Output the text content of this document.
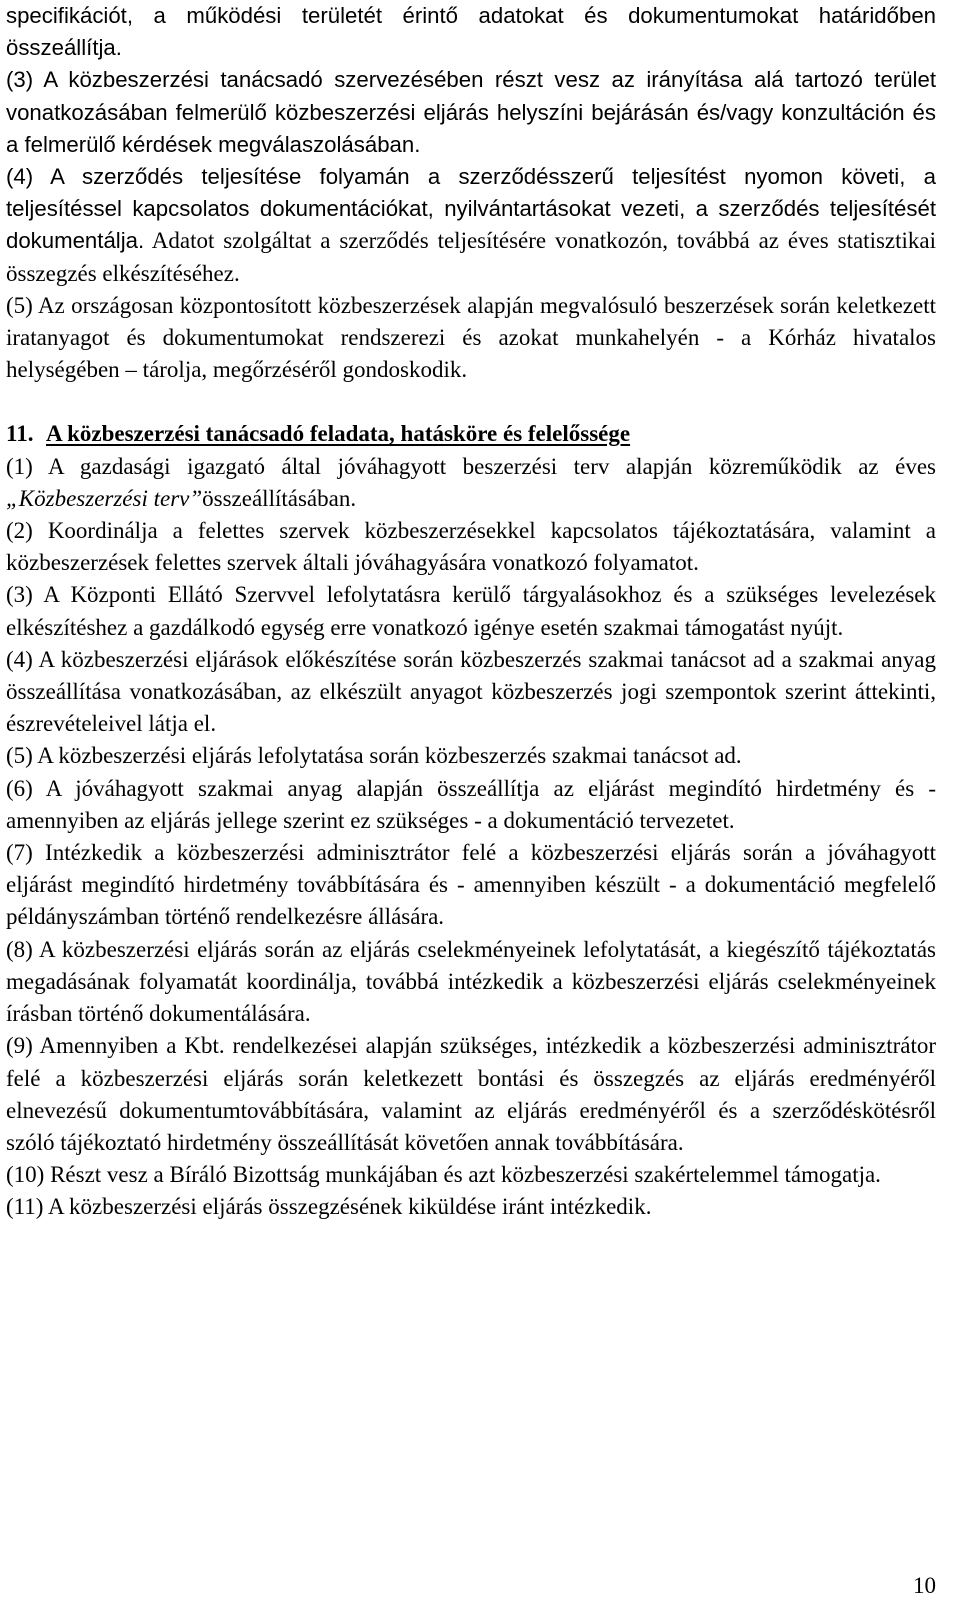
specifikációt, a működési területét érintő adatokat és dokumentumokat határidőben összeállítja.

(3) A közbeszerzési tanácsadó szervezésében részt vesz az irányítása alá tartozó terület vonatkozásában felmerülő közbeszerzési eljárás helyszíni bejárásán és/vagy konzultáción és a felmerülő kérdések megválaszolásában.

(4) A szerződés teljesítése folyamán a szerződésszerű teljesítést nyomon követi, a teljesítéssel kapcsolatos dokumentációkat, nyilvántartásokat vezeti, a szerződés teljesítését dokumentálja. Adatot szolgáltat a szerződés teljesítésére vonatkozón, továbbá az éves statisztikai összegzés elkészítéséhez.

(5) Az országosan központosított közbeszerzések alapján megvalósuló beszerzések során keletkezett iratanyagot és dokumentumokat rendszerezi és azokat munkahelyén - a Kórház hivatalos helységében – tárolja, megőrzéséről gondoskodik.

11. A közbeszerzési tanácsadó feladata, hatásköre és felelőssége

(1) A gazdasági igazgató által jóváhagyott beszerzési terv alapján közreműködik az éves „Közbeszerzési terv”összeállításában.

(2) Koordinálja a felettes szervek közbeszerzésekkel kapcsolatos tájékoztatására, valamint a közbeszerzések felettes szervek általi jóváhagyására vonatkozó folyamatot.

(3) A Központi Ellátó Szervvel lefolytatásra kerülő tárgyalásokhoz és a szükséges levelezések elkészítéshez a gazdálkodó egység erre vonatkozó igénye esetén szakmai támogatást nyújt.

(4) A közbeszerzési eljárások előkészítése során közbeszerzés szakmai tanácsot ad a szakmai anyag összeállítása vonatkozásában, az elkészült anyagot közbeszerzés jogi szempontok szerint áttekinti, észrevételeivel látja el.

(5) A közbeszerzési eljárás lefolytatása során közbeszerzés szakmai tanácsot ad.

(6) A jóváhagyott szakmai anyag alapján összeállítja az eljárást megindító hirdetmény és - amennyiben az eljárás jellege szerint ez szükséges - a dokumentáció tervezetet.

(7) Intézkedik a közbeszerzési adminisztrátor felé a közbeszerzési eljárás során a jóváhagyott eljárást megindító hirdetmény továbbítására és - amennyiben készült - a dokumentáció megfelelő példányszámban történő rendelkezésre állására.

(8) A közbeszerzési eljárás során az eljárás cselekményeinek lefolytatását, a kiegészítő tájékoztatás megadásának folyamatát koordinálja, továbbá intézkedik a közbeszerzési eljárás cselekményeinek írásban történő dokumentálására.

(9) Amennyiben a Kbt. rendelkezései alapján szükséges, intézkedik a közbeszerzési adminisztrátor felé a közbeszerzési eljárás során keletkezett bontási és összegzés az eljárás eredményéről elnevezésű dokumentumtovábbítására, valamint az eljárás eredményéről és a szerződéskötésről szóló tájékoztató hirdetmény összeállítását követően annak továbbítására.

(10) Részt vesz a Bíráló Bizottság munkájában és azt közbeszerzési szakértelemmel támogatja.

(11) A közbeszerzési eljárás összegzésének kiküldése iránt intézkedik.

10
